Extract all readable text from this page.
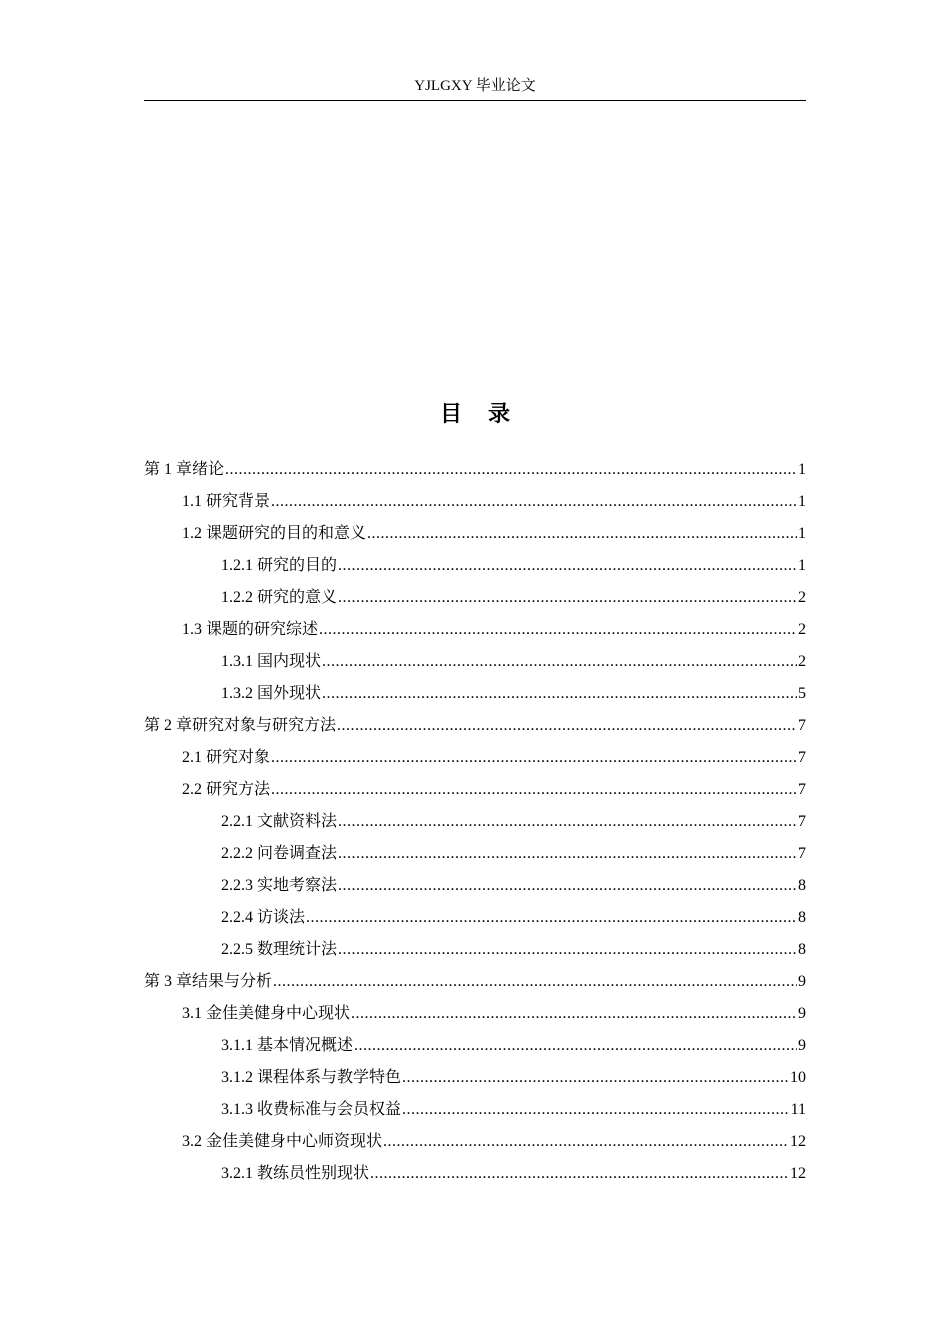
YJLGXY 毕业论文
目录
第 1 章绪论 .....	1
1.1 研究背景 .....	1
1.2 课题研究的目的和意义 .....	1
1.2.1 研究的目的 .....	1
1.2.2 研究的意义 .....	2
1.3 课题的研究综述 .....	2
1.3.1 国内现状 .....	2
1.3.2 国外现状 .....	5
第 2 章研究对象与研究方法 .....	7
2.1 研究对象 .....	7
2.2 研究方法 .....	7
2.2.1 文献资料法 .....	7
2.2.2 问卷调查法 .....	7
2.2.3 实地考察法 .....	8
2.2.4 访谈法 .....	8
2.2.5 数理统计法 .....	8
第 3 章结果与分析 .....	9
3.1 金佳美健身中心现状 .....	9
3.1.1 基本情况概述 .....	9
3.1.2 课程体系与教学特色 .....	10
3.1.3 收费标准与会员权益 .....	11
3.2 金佳美健身中心师资现状 .....	12
3.2.1 教练员性别现状 .....	12
